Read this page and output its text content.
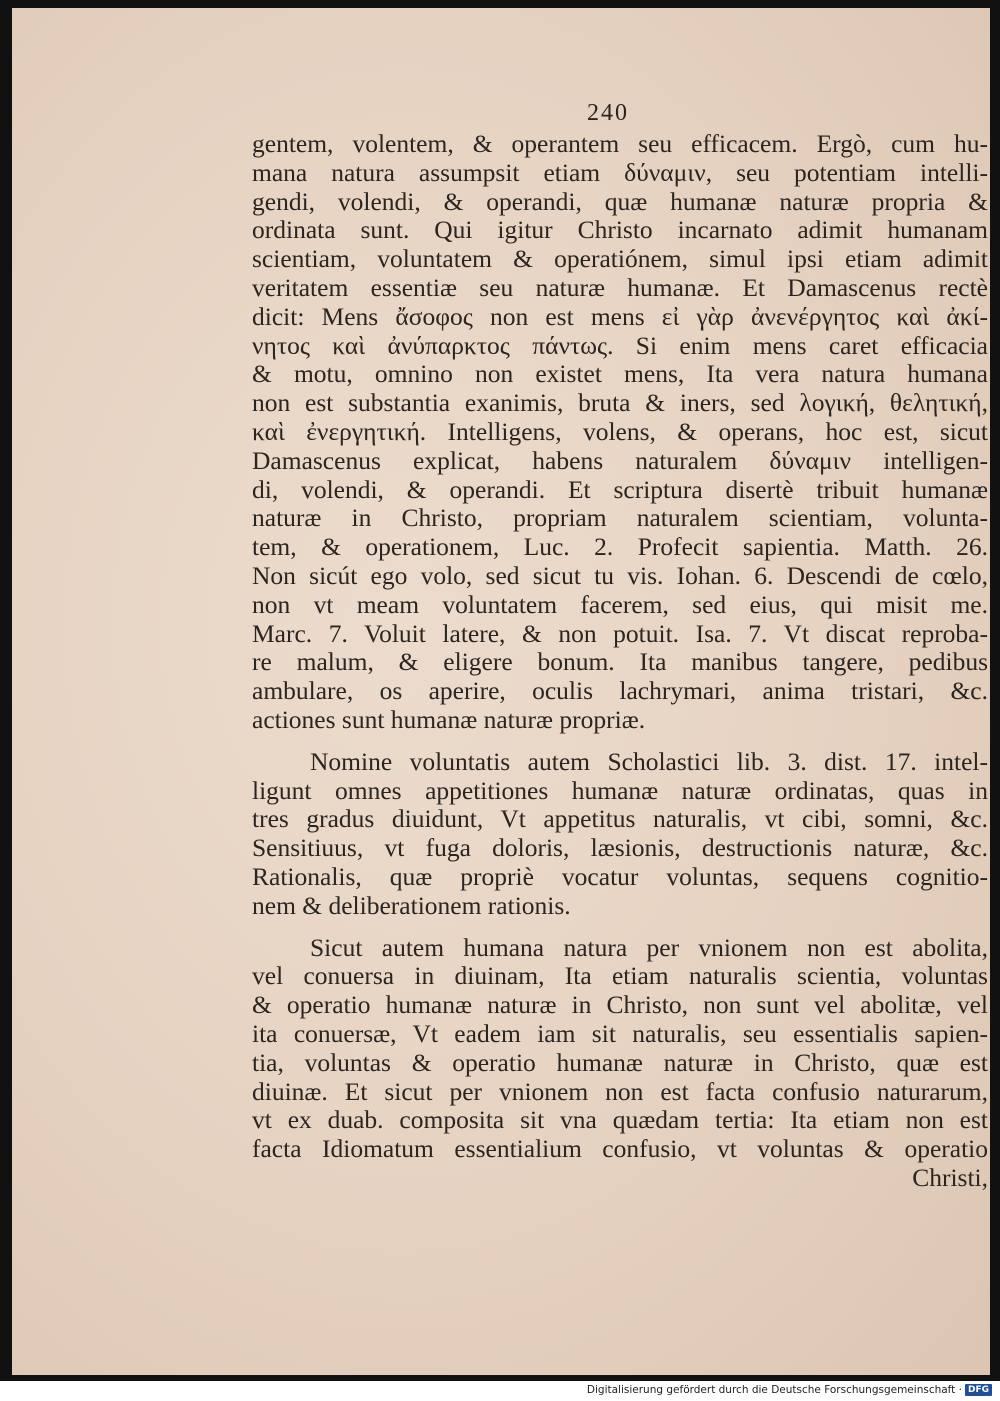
240
gentem, volentem, & operantem seu efficacem. Ergò, cum hu-
mana natura assumpsit etiam δύναμιν, seu potentiam intelli-
gendi, volendi, & operandi, quæ humanæ naturæ propria &
ordinata sunt. Qui igitur Christo incarnato adimit humanam
scientiam, voluntatem & operatiónem, simul ipsi etiam adimit
veritatem essentiæ seu naturæ humanæ. Et Damascenus rectè
dicit: Mens ἄσοφος non est mens εἰ γὰρ ἀνενέργητος καὶ ἀκί-
νητος καὶ ἀνύπαρκτος πάντως. Si enim mens caret efficacia
& motu, omnino non existet mens, Ita vera natura humana
non est substantia exanimis, bruta & iners, sed λογική, θελητική,
καὶ ἐνεργητική. Intelligens, volens, & operans, hoc est, sicut
Damascenus explicat, habens naturalem δύναμιν intelligen-
di, volendi, & operandi. Et scriptura disertè tribuit humanæ
naturæ in Christo, propriam naturalem scientiam, volunta-
tem, & operationem, Luc. 2. Profecit sapientia. Matth. 26.
Non sicút ego volo, sed sicut tu vis. Iohan. 6. Descendi de cœlo,
non vt meam voluntatem facerem, sed eius, qui misit me.
Marc. 7. Voluit latere, & non potuit. Isa. 7. Vt discat reproba-
re malum, & eligere bonum. Ita manibus tangere, pedibus
ambulare, os aperire, oculis lachrymari, anima tristari, &c.
actiones sunt humanæ naturæ propriæ.
Nomine voluntatis autem Scholastici lib. 3. dist. 17. intel-
ligunt omnes appetitiones humanæ naturæ ordinatas, quas in
tres gradus diuidunt, Vt appetitus naturalis, vt cibi, somni, &c.
Sensitiuus, vt fuga doloris, læsionis, destructionis naturæ, &c.
Rationalis, quæ propriè vocatur voluntas, sequens cognitio-
nem & deliberationem rationis.
Sicut autem humana natura per vnionem non est abolita,
vel conuersa in diuinam, Ita etiam naturalis scientia, voluntas
& operatio humanæ naturæ in Christo, non sunt vel abolitæ, vel
ita conuersæ, Vt eadem iam sit naturalis, seu essentialis sapien-
tia, voluntas & operatio humanæ naturæ in Christo, quæ est
diuinæ. Et sicut per vnionem non est facta confusio naturarum,
vt ex duab. composita sit vna quædam tertia: Ita etiam non est
facta Idiomatum essentialium confusio, vt voluntas & operatio
Christi,
Digitalisierung gefördert durch die Deutsche Forschungsgemeinschaft · DFG
